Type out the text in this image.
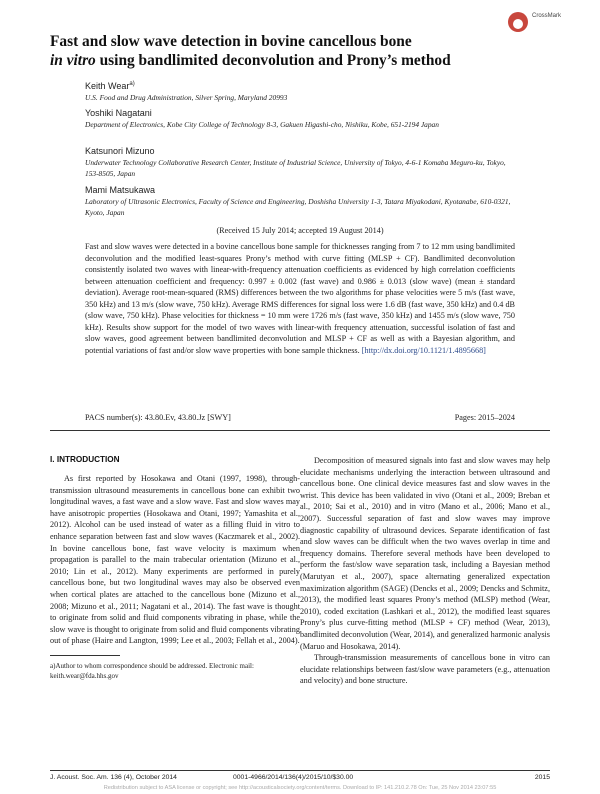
CrossMark
Fast and slow wave detection in bovine cancellous bone
in vitro using bandlimited deconvolution and Prony’s method
Keith Wear$^{a)}$
U.S. Food and Drug Administration, Silver Spring, Maryland 20993
Yoshiki Nagatani
Department of Electronics, Kobe City College of Technology 8-3, Gakuen Higashi-cho, Nishiku, Kobe, 651-2194 Japan
Katsunori Mizuno
Underwater Technology Collaborative Research Center, Institute of Industrial Science, University of Tokyo, 4-6-1 Komaba Meguro-ku, Tokyo, 153-8505, Japan
Mami Matsukawa
Laboratory of Ultrasonic Electronics, Faculty of Science and Engineering, Doshisha University 1-3, Tatara Miyakodani, Kyotanabe, 610-0321, Kyoto, Japan
(Received 15 July 2014; accepted 19 August 2014)
Fast and slow waves were detected in a bovine cancellous bone sample for thicknesses ranging from 7 to 12 mm using bandlimited deconvolution and the modified least-squares Prony’s method with curve fitting (MLSP + CF). Bandlimited deconvolution consistently isolated two waves with linear-with-frequency attenuation coefficients as evidenced by high correlation coefficients between attenuation coefficient and frequency: 0.997 ± 0.002 (fast wave) and 0.986 ± 0.013 (slow wave) (mean ± standard deviation). Average root-mean-squared (RMS) differences between the two algorithms for phase velocities were 5 m/s (fast wave, 350 kHz) and 13 m/s (slow wave, 750 kHz). Average RMS differences for signal loss were 1.6 dB (fast wave, 350 kHz) and 0.4 dB (slow wave, 750 kHz). Phase velocities for thickness = 10 mm were 1726 m/s (fast wave, 350 kHz) and 1455 m/s (slow wave, 750 kHz). Results show support for the model of two waves with linear-with frequency attenuation, successful isolation of fast and slow waves, good agreement between bandlimited deconvolution and MLSP + CF as well as with a Bayesian algorithm, and potential variations of fast and/or slow wave properties with bone sample thickness. [http://dx.doi.org/10.1121/1.4895668]
PACS number(s): 43.80.Ev, 43.80.Jz [SWY]	Pages: 2015–2024
I. INTRODUCTION

As first reported by Hosokawa and Otani (1997, 1998), through-transmission ultrasound measurements in cancellous bone can exhibit two longitudinal waves, a fast wave and a slow wave. Fast and slow waves may have anisotropic properties (Hosokawa and Otani, 1997; Yamashita et al., 2012). Alcohol can be used instead of water as a filling fluid in vitro to enhance separation between fast and slow waves (Kaczmarek et al., 2002). In bovine cancellous bone, fast wave velocity is maximum when propagation is parallel to the main trabecular orientation (Mizuno et al., 2010; Lin et al., 2012). Many experiments are performed in purely cancellous bone, but two longitudinal waves may also be observed even when cortical plates are attached to the cancellous bone (Mizuno et al., 2008; Mizuno et al., 2011; Nagatani et al., 2014). The fast wave is thought to originate from solid and fluid components vibrating in phase, while the slow wave is thought to originate from solid and fluid components vibrating out of phase (Haire and Langton, 1999; Lee et al., 2003; Fellah et al., 2004).

Decomposition of measured signals into fast and slow waves may help elucidate mechanisms underlying the interaction between ultrasound and cancellous bone. One clinical device measures fast and slow waves in the wrist. This device has been validated in vivo (Otani et al., 2009; Breban et al., 2010; Sai et al., 2010) and in vitro (Mano et al., 2006; Mano et al., 2007). Successful separation of fast and slow waves may improve diagnostic capability of ultrasound devices. Separate identification of fast and slow waves can be difficult when the two waves overlap in time and frequency domains. Therefore several methods have been developed to perform the fast/slow wave separation task, including a Bayesian method (Marutyan et al., 2007), space alternating generalized expectation maximization algorithm (SAGE) (Dencks et al., 2009; Dencks and Schmitz, 2013), the modified least squares Prony’s method (MLSP) method (Wear, 2010), coded excitation (Lashkari et al., 2012), the modified least squares Prony’s plus curve-fitting method (MLSP + CF) method (Wear, 2013), bandlimited deconvolution (Wear, 2014), and generalized harmonic analysis (Maruo and Hosokawa, 2014).

Through-transmission measurements of cancellous bone in vitro can elucidate relationships between fast/slow wave parameters (e.g., attenuation and velocity) and bone structure.

a)Author to whom correspondence should be addressed. Electronic mail: keith.wear@fda.hhs.gov
J. Acoust. Soc. Am. 136 (4), October 2014	0001-4966/2014/136(4)/2015/10/$30.00	2015
Redistribution subject to ASA license or copyright; see http://acousticalsociety.org/content/terms. Download to IP: 141.210.2.78 On: Tue, 25 Nov 2014 23:07:55
